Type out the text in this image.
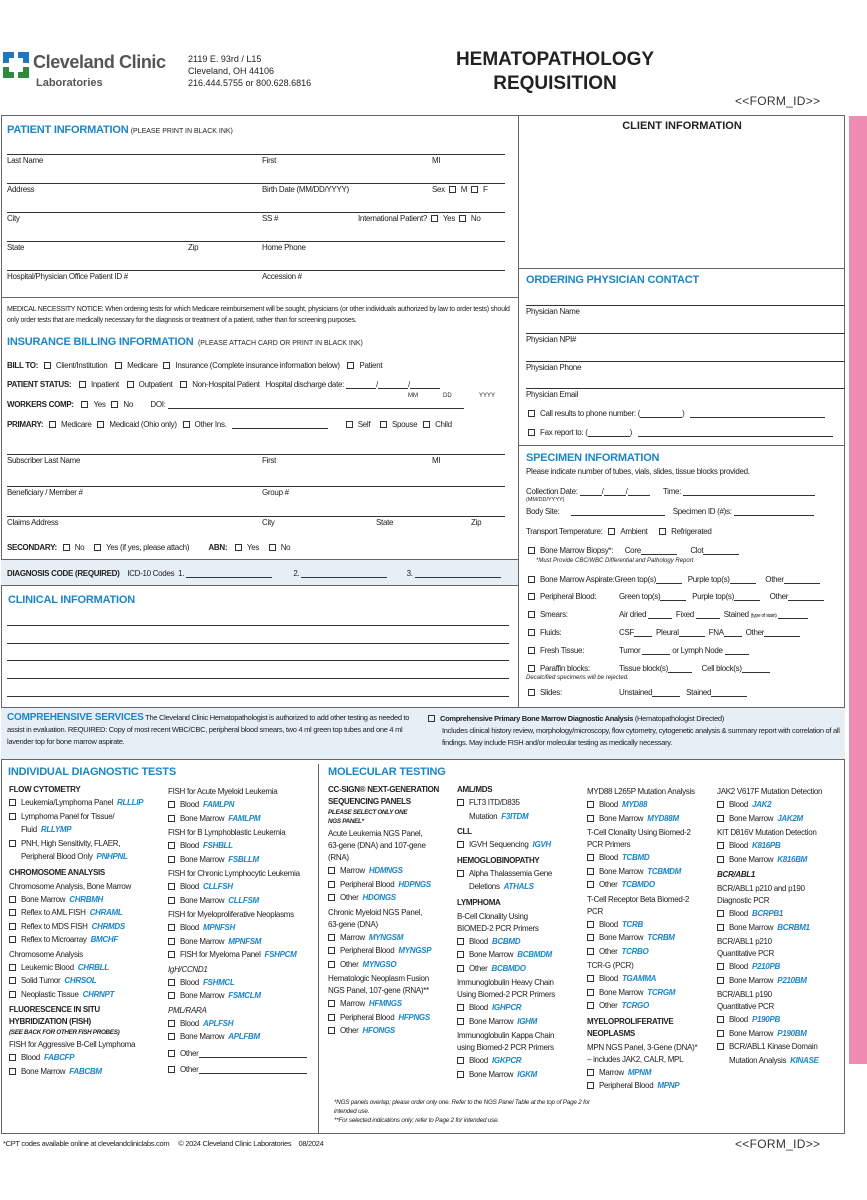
Cleveland Clinic
Laboratories
2119 E. 93rd / L15
Cleveland, OH 44106
216.444.5755 or 800.628.6816
HEMATOPATHOLOGY
REQUISITION
<<FORM_ID>>
PATIENT INFORMATION (PLEASE PRINT IN BLACK INK)
Last Name	First	MI
Address	Birth Date (MM/DD/YYYY)	Sex M F
City	SS #	International Patient? Yes No
State	Zip	Home Phone
Hospital/Physician Office Patient ID #	Accession #
MEDICAL NECESSITY NOTICE: When ordering tests for which Medicare reimbursement will be sought, physicians (or other individuals authorized by law to order tests) should only order tests that are medically necessary for the diagnosis or treatment of a patient, rather than for screening purposes.
INSURANCE BILLING INFORMATION (PLEASE ATTACH CARD OR PRINT IN BLACK INK)
BILL TO: Client/Institution Medicare Insurance (Complete insurance information below) Patient
PATIENT STATUS: Inpatient Outpatient Non-Hospital Patient Hospital discharge date:	/	/
MM	DD	YYYY
WORKERS COMP: Yes No DOI:
PRIMARY: Medicare Medicaid (Ohio only) Other Ins.	Self	Spouse Child
Subscriber Last Name	First	MI
Beneficiary / Member #	Group #
Claims Address	City	State	Zip
SECONDARY: No	Yes (if yes, please attach) ABN: Yes	No
DIAGNOSIS CODE (REQUIRED) ICD-10 Codes 1.	2.	3.
CLINICAL INFORMATION
CLIENT INFORMATION
ORDERING PHYSICIAN CONTACT
Physician Name
Physician NPI#
Physician Phone
Physician Email
Call results to phone number: (	)
Fax report to: (	)
SPECIMEN INFORMATION
Please indicate number of tubes, vials, slides, tissue blocks provided.
Collection Date:	/	/	Time:
(MM/DD/YYYY)
Body Site:	Specimen ID (#)s:
Transport Temperature: Ambient	Refrigerated
Bone Marrow Biopsy*: Core	Clot
*Must Provide CBC/WBC Differential and Pathology Report
Bone Marrow Aspirate:Green top(s)	Purple top(s)	Other
Peripheral Blood:	Green top(s)	Purple top(s)	Other
Smears:	Air dried	Fixed	Stained (type of stain)
Fluids:	CSF	Pleural	FNA	Other
Fresh Tissue:	Tumor	or Lymph Node
Paraffin blocks:	Tissue block(s)	Cell block(s)
Decalcified specimens will be rejected.
Slides:	Unstained	Stained
COMPREHENSIVE SERVICES The Cleveland Clinic Hematopathologist is authorized to add other testing as needed to assist in evaluation. REQUIRED: Copy of most recent WBC/CBC, peripheral blood smears, two 4 ml green top tubes and one 4 ml lavender top for bone marrow aspirate.
Comprehensive Primary Bone Marrow Diagnostic Analysis (Hematopathologist Directed)
Includes clinical history review, morphology/microscopy, flow cytometry, cytogenetic analysis & summary report with correlation of all findings. May include FISH and/or molecular testing as medically necessary.
INDIVIDUAL DIAGNOSTIC TESTS
FLOW CYTOMETRY
Leukemia/Lymphoma Panel RLLLIP
Lymphoma Panel for Tissue/
Fluid RLLYMP
PNH, High Sensitivity, FLAER,
Peripheral Blood Only PNHPNL
CHROMOSOME ANALYSIS
Chromosome Analysis, Bone Marrow
Bone Marrow CHRBMH
Reflex to AML FISH CHRAML
Reflex to MDS FISH CHRMDS
Reflex to Microarray BMCHF
Chromosome Analysis
Leukemic Blood CHRBLL
Solid Tumor CHRSOL
Neoplastic Tissue CHRNPT
FLUORESCENCE IN SITU
HYBRIDIZATION (FISH)
(SEE BACK FOR OTHER FISH PROBES)
FISH for Aggressive B-Cell Lymphoma
Blood FABCFP
Bone Marrow FABCBM
FISH for Acute Myeloid Leukemia
Blood FAMLPN
Bone Marrow FAMLPM
FISH for B Lymphoblastic Leukemia
Blood FSHBLL
Bone Marrow FSBLLM
FISH for Chronic Lymphocytic Leukemia
Blood CLLFSH
Bone Marrow CLLFSM
FISH for Myeloproliferative Neoplasms
Blood MPNFSH
Bone Marrow MPNFSM
FISH for Myeloma Panel FSHPCM
IgH/CCND1
Blood FSHMCL
Bone Marrow FSMCLM
PML/RARA
Blood APLFSH
Bone Marrow APLFBM
Other
Other
MOLECULAR TESTING
CC-SIGN® NEXT-GENERATION
SEQUENCING PANELS
PLEASE SELECT ONLY ONE
NGS PANEL*
Acute Leukemia NGS Panel,
63-gene (DNA) and 107-gene
(RNA)
Marrow HDMNGS
Peripheral Blood HDPNGS
Other HDONGS
Chronic Myeloid NGS Panel,
63-gene (DNA)
Marrow MYNGSM
Peripheral Blood MYNGSP
Other MYNGSO
Hematologic Neoplasm Fusion
NGS Panel, 107-gene (RNA)**
Marrow HFMNGS
Peripheral Blood HFPNGS
Other HFONGS
AML/MDS
FLT3 ITD/D835
Mutation F3ITDM
CLL
IGVH Sequencing IGVH
HEMOGLOBINOPATHY
Alpha Thalassemia Gene
Deletions ATHALS
LYMPHOMA
B-Cell Clonality Using
BIOMED-2 PCR Primers
Blood BCBMD
Bone Marrow BCBMDM
Other BCBMDO
Immunoglobulin Heavy Chain
Using Biomed-2 PCR Primers
Blood IGHPCR
Bone Marrow IGHM
Immunoglobulin Kappa Chain
using Biomed-2 PCR Primers
Blood IGKPCR
Bone Marrow IGKM
MYD88 L265P Mutation Analysis
Blood MYD88
Bone Marrow MYD88M
T-Cell Clonality Using Biomed-2
PCR Primers
Blood TCBMD
Bone Marrow TCBMDM
Other TCBMDO
T-Cell Receptor Beta Biomed-2
PCR
Blood TCRB
Bone Marrow TCRBM
Other TCRBO
TCR-G (PCR)
Blood TGAMMA
Bone Marrow TCRGM
Other TCRGO
MYELOPROLIFERATIVE
NEOPLASMS
MPN NGS Panel, 3-Gene (DNA)*
– includes JAK2, CALR, MPL
Marrow MPNM
Peripheral Blood MPNP
JAK2 V617F Mutation Detection
Blood JAK2
Bone Marrow JAK2M
KIT D816V Mutation Detection
Blood K816PB
Bone Marrow K816BM
BCR/ABL1
BCR/ABL1 p210 and p190
Diagnostic PCR
Blood BCRPB1
Bone Marrow BCRBM1
BCR/ABL1 p210
Quantitative PCR
Blood P210PB
Bone Marrow P210BM
BCR/ABL1 p190
Quantitative PCR
Blood P190PB
Bone Marrow P190BM
BCR/ABL1 Kinase Domain
Mutation Analysis KINASE
*NGS panels overlap; please order only one. Refer to the NGS Panel Table at the top of Page 2 for intended use.
**For selected indications only; refer to Page 2 for intended use.
*CPT codes available online at clevelandcliniclabs.com © 2024 Cleveland Clinic Laboratories 08/2024	<<FORM_ID>>
